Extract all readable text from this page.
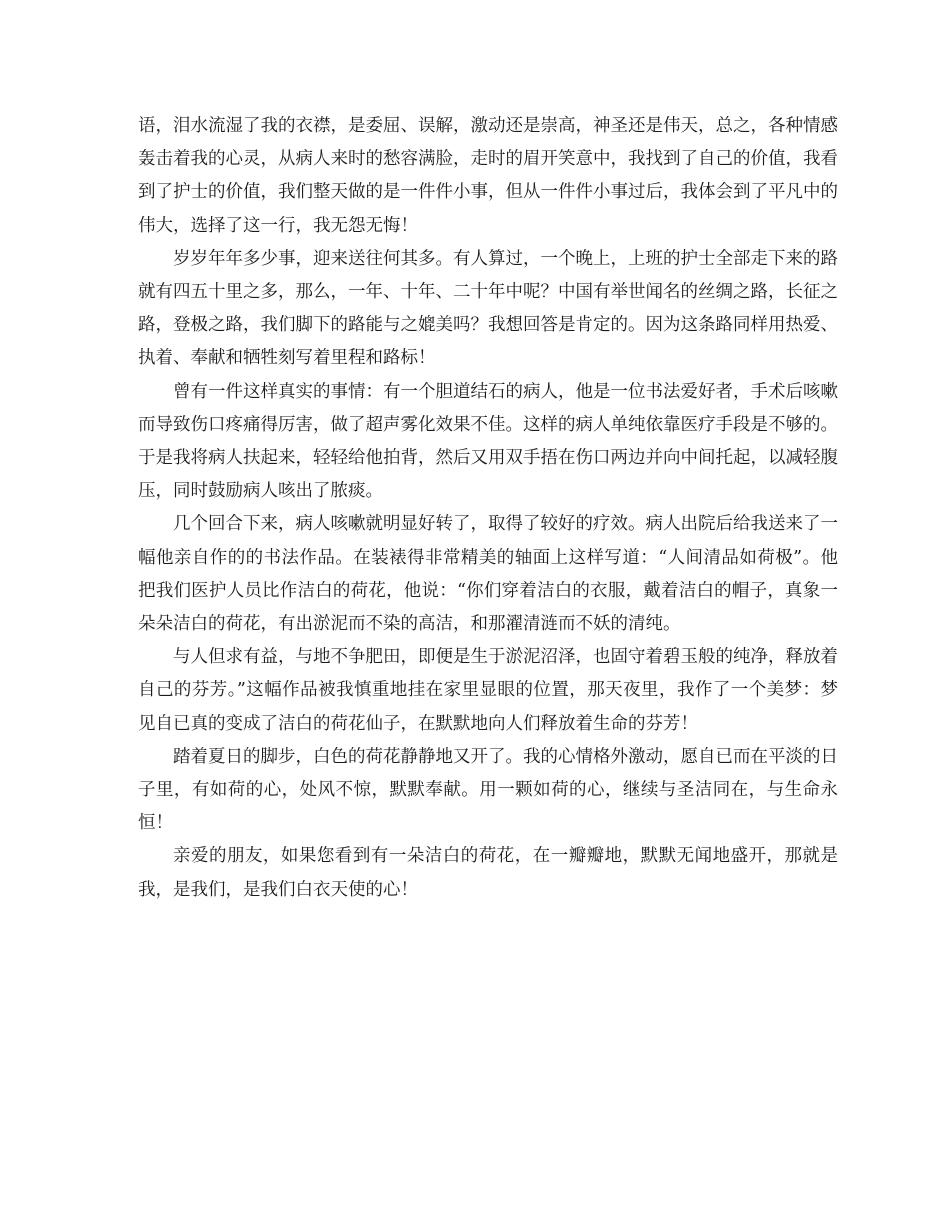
语，泪水流湿了我的衣襟，是委屈、误解，激动还是崇高，神圣还是伟天，总之，各种情感轰击着我的心灵，从病人来时的愁容满脸，走时的眉开笑意中，我找到了自己的价值，我看到了护士的价值，我们整天做的是一件件小事，但从一件件小事过后，我体会到了平凡中的伟大，选择了这一行，我无怨无悔！

岁岁年年多少事，迎来送往何其多。有人算过，一个晚上，上班的护士全部走下来的路就有四五十里之多，那么，一年、十年、二十年中呢？中国有举世闻名的丝绸之路，长征之路，登极之路，我们脚下的路能与之媲美吗？我想回答是肯定的。因为这条路同样用热爱、执着、奉献和牺牲刻写着里程和路标！

曾有一件这样真实的事情：有一个胆道结石的病人，他是一位书法爱好者，手术后咳嗽而导致伤口疼痛得厉害，做了超声雾化效果不佳。这样的病人单纯依靠医疗手段是不够的。于是我将病人扶起来，轻轻给他拍背，然后又用双手捂在伤口两边并向中间托起，以减轻腹压，同时鼓励病人咳出了脓痰。

几个回合下来，病人咳嗽就明显好转了，取得了较好的疗效。病人出院后给我送来了一幅他亲自作的的书法作品。在装裱得非常精美的轴面上这样写道：“人间清品如荷极”。他把我们医护人员比作洁白的荷花，他说：“你们穿着洁白的衣服，戴着洁白的帽子，真象一朵朵洁白的荷花，有出淤泥而不染的高洁，和那濯清涟而不妖的清纯。

与人但求有益，与地不争肥田，即便是生于淤泥沼泽，也固守着碧玉般的纯净，释放着自己的芬芳。”这幅作品被我慎重地挂在家里显眼的位置，那天夜里，我作了一个美梦：梦见自已真的变成了洁白的荷花仙子，在默默地向人们释放着生命的芬芳！

踏着夏日的脚步，白色的荷花静静地又开了。我的心情格外激动，愿自已而在平淡的日子里，有如荷的心，处风不惊，默默奉献。用一颗如荷的心，继续与圣洁同在，与生命永恒！

亲爱的朋友，如果您看到有一朵洁白的荷花，在一瓣瓣地，默默无闻地盛开，那就是我，是我们，是我们白衣天使的心！
